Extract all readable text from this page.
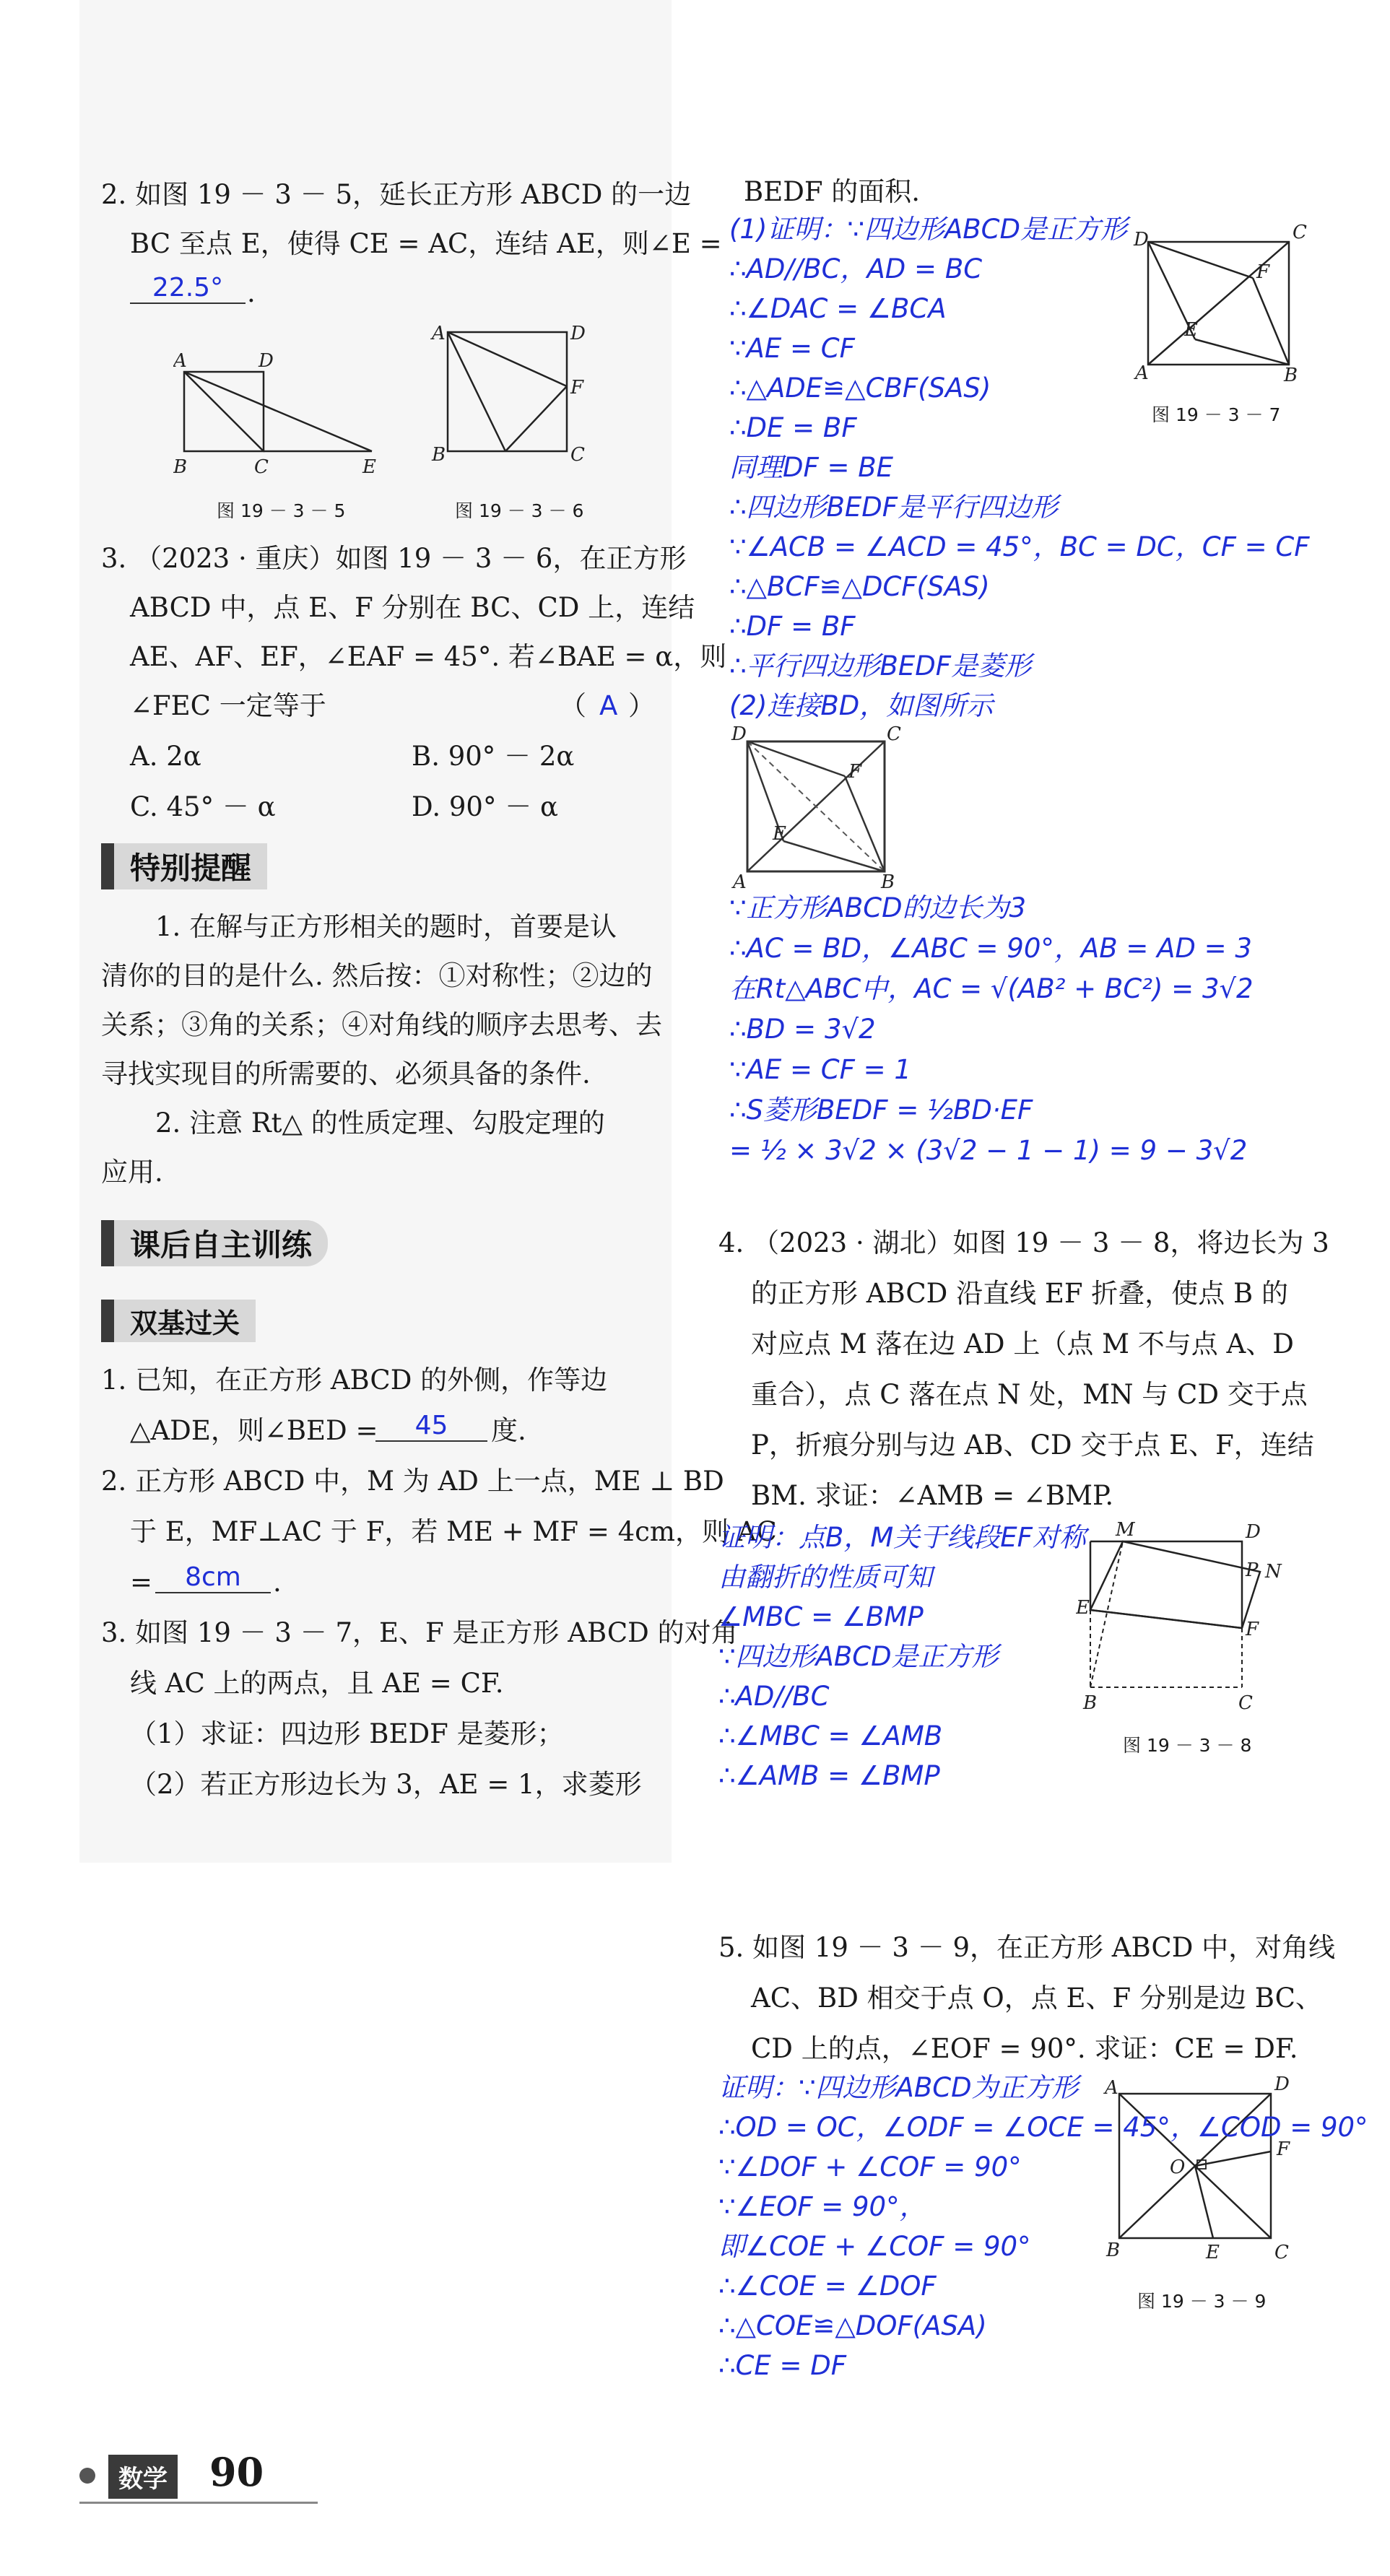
2. 如图 19 － 3 － 5，延长正方形 ABCD 的一边
BC 至点 E，使得 CE = AC，连结 AE，则∠E =
22.5° .
A	D
B	C	E
图 19 － 3 － 5
A	D
F
B	C
图 19 － 3 － 6
3. （2023 · 重庆）如图 19 － 3 － 6，在正方形
ABCD 中，点 E、F 分别在 BC、CD 上，连结
AE、AF、EF，∠EAF = 45°. 若∠BAE = α，则
∠FEC 一定等于	（ A ）
A. 2α	B. 90° － 2α
C. 45° － α	D. 90° － α
特别提醒
1. 在解与正方形相关的题时，首要是认
清你的目的是什么. 然后按：①对称性；②边的
关系；③角的关系；④对角线的顺序去思考、去
寻找实现目的所需要的、必须具备的条件.
2. 注意 Rt△ 的性质定理、勾股定理的
应用.
课后自主训练
双基过关
1. 已知，在正方形 ABCD 的外侧，作等边
△ADE，则∠BED =	45	度.
2. 正方形 ABCD 中，M 为 AD 上一点，ME ⊥ BD
于 E，MF⊥AC 于 F，若 ME + MF = 4cm，则 AC
=	8cm	.
3. 如图 19 － 3 － 7，E、F 是正方形 ABCD 的对角
线 AC 上的两点，且 AE = CF.
（1）求证：四边形 BEDF 是菱形；
（2）若正方形边长为 3，AE = 1，求菱形
BEDF 的面积.
(1)证明：∵四边形ABCD是正方形
∴AD//BC，AD = BC
∴∠DAC = ∠BCA
∵AE = CF
∴△ADE≌△CBF(SAS)
∴DE = BF
同理DF = BE
∴四边形BEDF是平行四边形
∵∠ACB = ∠ACD = 45°，BC = DC，CF = CF
∴△BCF≌△DCF(SAS)
∴DF = BF
∴平行四边形BEDF是菱形
(2)连接BD，如图所示
D	C
F
E
A	B
图 19 － 3 － 7
D	C
F
E
A	B
∵正方形ABCD的边长为3
∴AC = BD，∠ABC = 90°，AB = AD = 3
在Rt△ABC中，AC = √(AB² + BC²) = 3√2
∴BD = 3√2
∵AE = CF = 1
∴S菱形BEDF = ½BD·EF
= ½ × 3√2 × (3√2 − 1 − 1) = 9 − 3√2
4. （2023 · 湖北）如图 19 － 3 － 8，将边长为 3
的正方形 ABCD 沿直线 EF 折叠，使点 B 的
对应点 M 落在边 AD 上（点 M 不与点 A、D
重合），点 C 落在点 N 处，MN 与 CD 交于点
P，折痕分别与边 AB、CD 交于点 E、F，连结
BM. 求证：∠AMB = ∠BMP.
M	D
P N
E
F
B	C
图 19 － 3 － 8
证明：点B，M关于线段EF对称
由翻折的性质可知
∠MBC = ∠BMP
∵四边形ABCD是正方形
∴AD//BC
∴∠MBC = ∠AMB
∴∠AMB = ∠BMP
5. 如图 19 － 3 － 9，在正方形 ABCD 中，对角线
AC、BD 相交于点 O，点 E、F 分别是边 BC、
CD 上的点，∠EOF = 90°. 求证：CE = DF.
A	D
O
F
B	E	C
图 19 － 3 － 9
证明：∵四边形ABCD为正方形
∴OD = OC，∠ODF = ∠OCE = 45°，∠COD = 90°
∵∠DOF + ∠COF = 90°
∵∠EOF = 90°，
即∠COE + ∠COF = 90°
∴∠COE = ∠DOF
∴△COE≌△DOF(ASA)
∴CE = DF
数学 90
